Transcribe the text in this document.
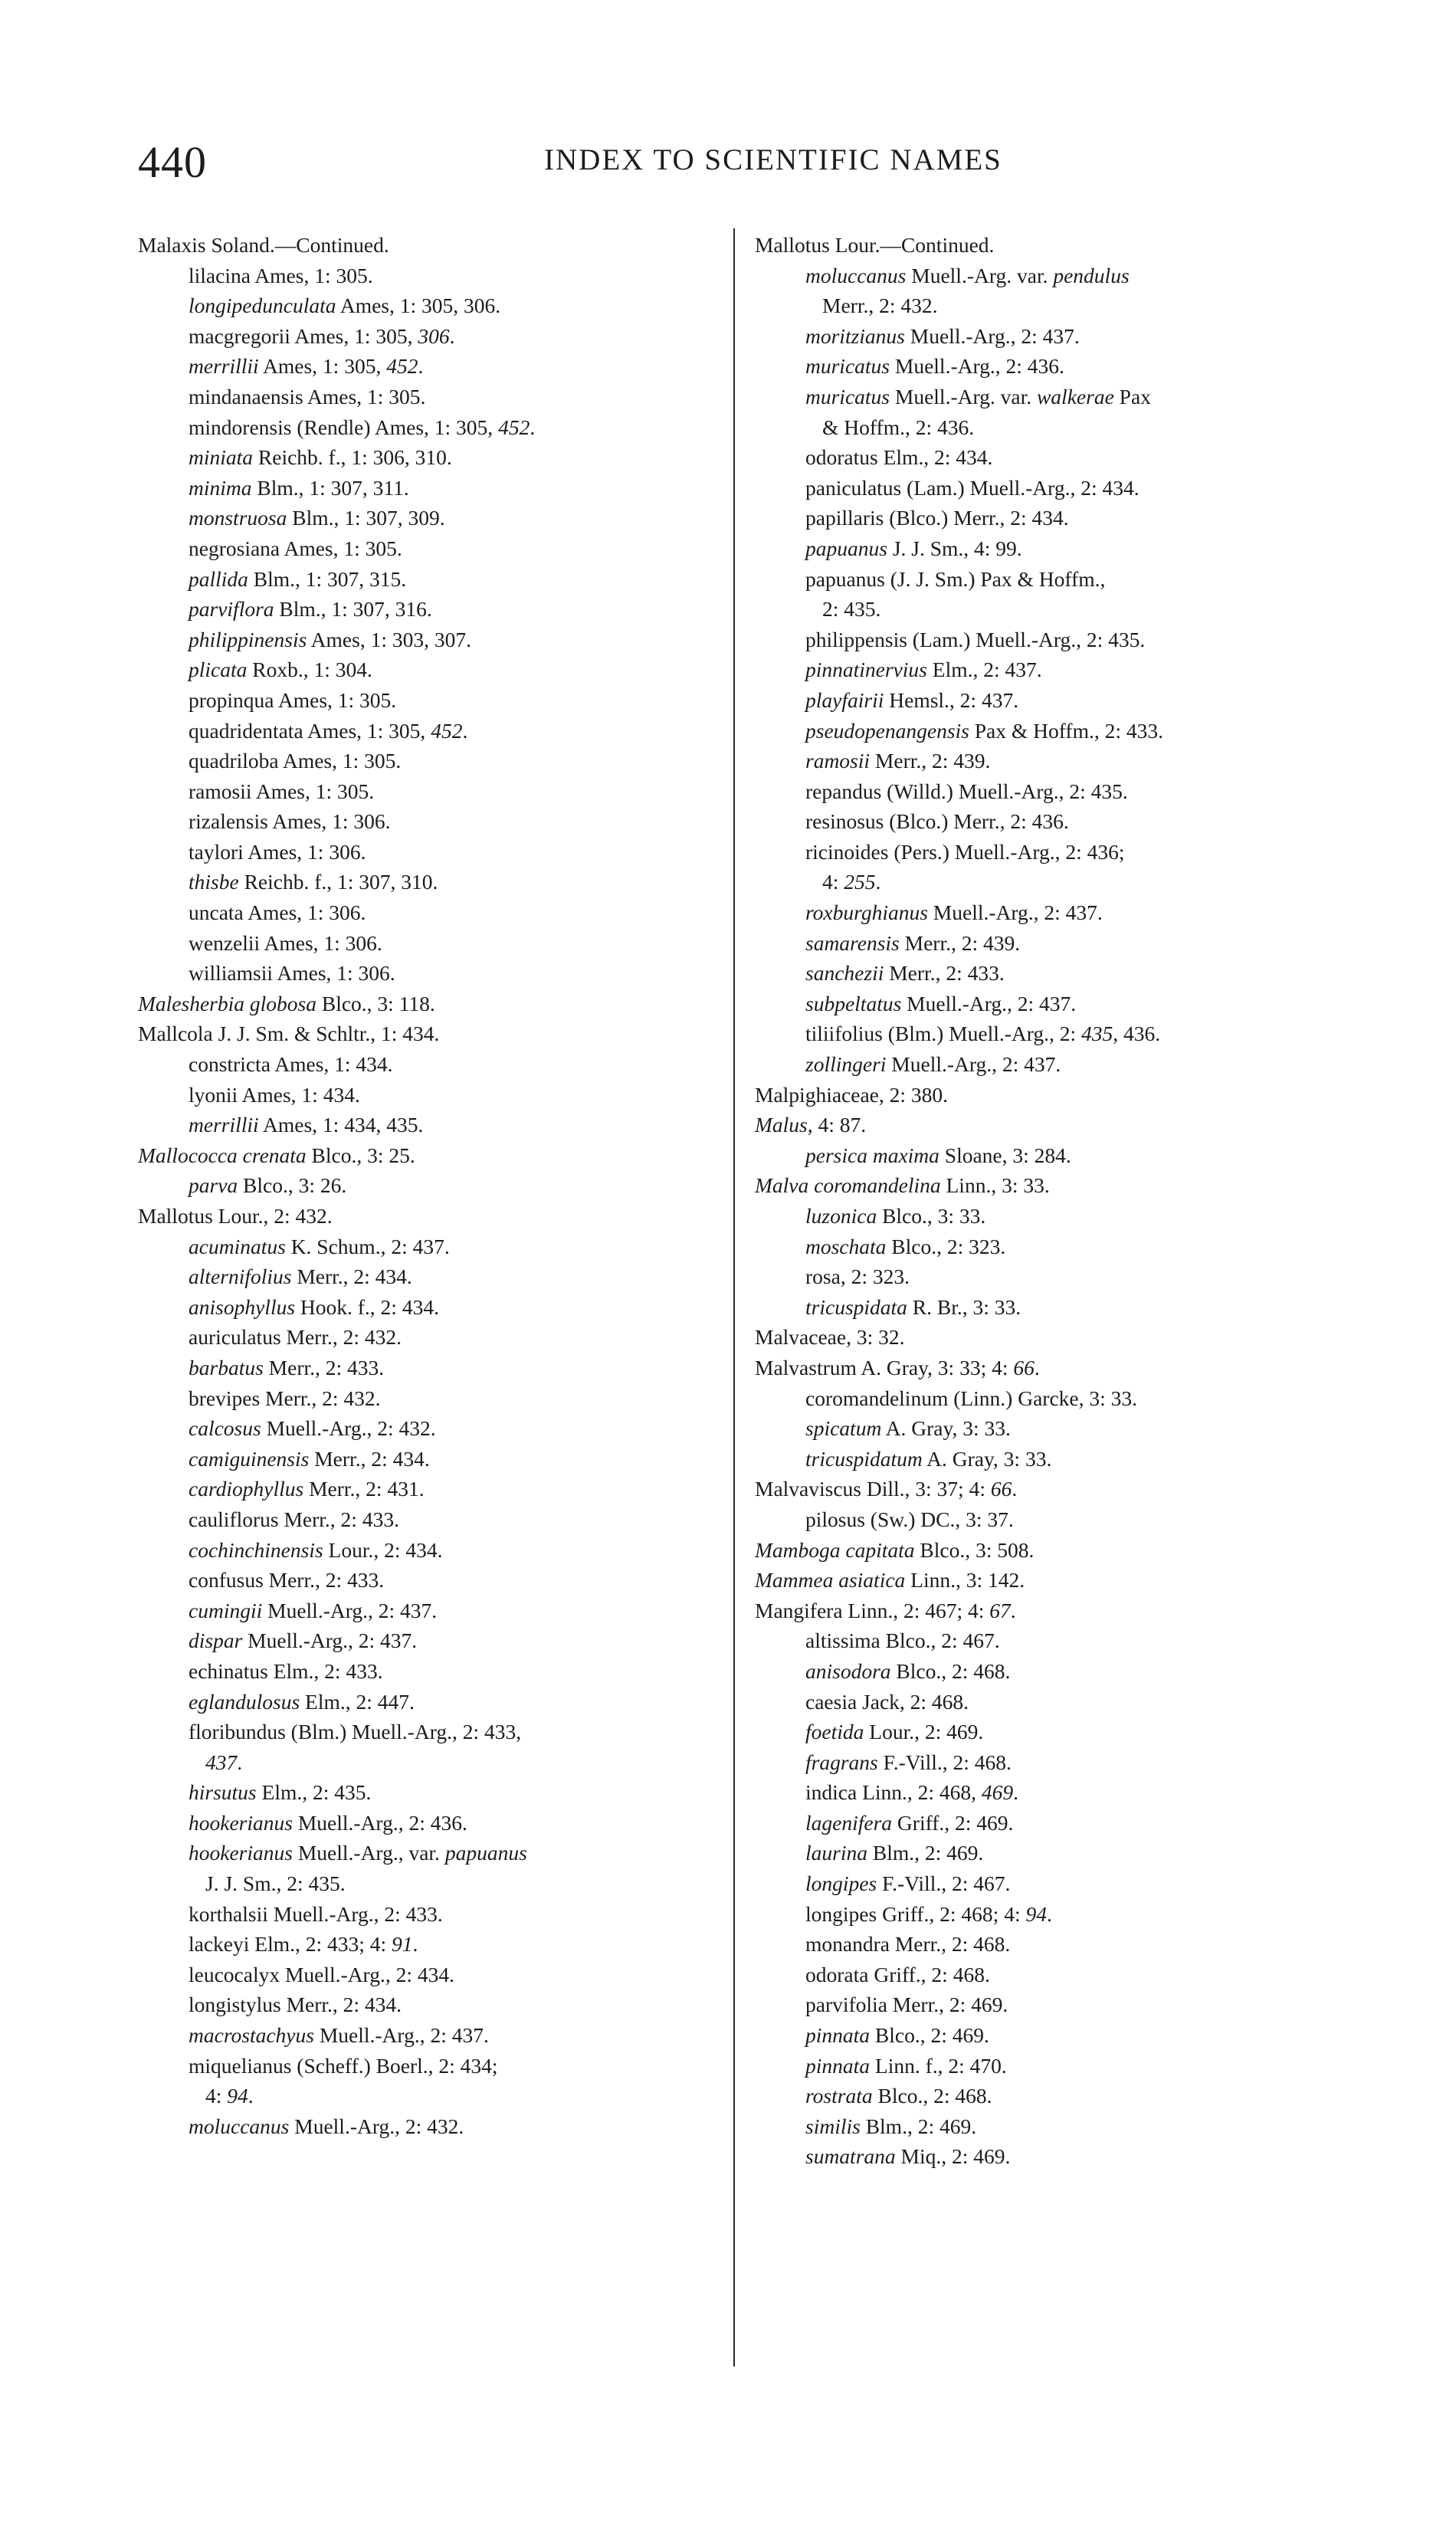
440	INDEX TO SCIENTIFIC NAMES
Malaxis Soland.—Continued.
lilacina Ames, 1: 305.
longipedunculata Ames, 1: 305, 306.
macgregorii Ames, 1: 305, 306.
merrillii Ames, 1: 305, 452.
mindanaensis Ames, 1: 305.
mindorensis (Rendle) Ames, 1: 305, 452.
miniata Reichb. f., 1: 306, 310.
minima Blm., 1: 307, 311.
monstruosa Blm., 1: 307, 309.
negrosiana Ames, 1: 305.
pallida Blm., 1: 307, 315.
parviflora Blm., 1: 307, 316.
philippinensis Ames, 1: 303, 307.
plicata Roxb., 1: 304.
propinqua Ames, 1: 305.
quadridentata Ames, 1: 305, 452.
quadriloba Ames, 1: 305.
ramosii Ames, 1: 305.
rizalensis Ames, 1: 306.
taylori Ames, 1: 306.
thisbe Reichb. f., 1: 307, 310.
uncata Ames, 1: 306.
wenzelii Ames, 1: 306.
williamsii Ames, 1: 306.
Malesherbia globosa Blco., 3: 118.
Mallcola J. J. Sm. & Schltr., 1: 434.
constricta Ames, 1: 434.
lyonii Ames, 1: 434.
merrillii Ames, 1: 434, 435.
Mallococca crenata Blco., 3: 25.
parva Blco., 3: 26.
Mallotus Lour., 2: 432.
acuminatus K. Schum., 2: 437.
alternifolius Merr., 2: 434.
anisophyllus Hook. f., 2: 434.
auriculatus Merr., 2: 432.
barbatus Merr., 2: 433.
brevipes Merr., 2: 432.
calcosus Muell.-Arg., 2: 432.
camiguinensis Merr., 2: 434.
cardiophyllus Merr., 2: 431.
cauliflorus Merr., 2: 433.
cochinchinensis Lour., 2: 434.
confusus Merr., 2: 433.
cumingii Muell.-Arg., 2: 437.
dispar Muell.-Arg., 2: 437.
echinatus Elm., 2: 433.
eglandulosus Elm., 2: 447.
floribundus (Blm.) Muell.-Arg., 2: 433,
437.
hirsutus Elm., 2: 435.
hookerianus Muell.-Arg., 2: 436.
hookerianus Muell.-Arg., var. papuanus
J. J. Sm., 2: 435.
korthalsii Muell.-Arg., 2: 433.
lackeyi Elm., 2: 433; 4: 91.
leucocalyx Muell.-Arg., 2: 434.
longistylus Merr., 2: 434.
macrostachyus Muell.-Arg., 2: 437.
miquelianus (Scheff.) Boerl., 2: 434;
4: 94.
moluccanus Muell.-Arg., 2: 432.
Mallotus Lour.—Continued.
moluccanus Muell.-Arg. var. pendulus
Merr., 2: 432.
moritzianus Muell.-Arg., 2: 437.
muricatus Muell.-Arg., 2: 436.
muricatus Muell.-Arg. var. walkerae Pax
& Hoffm., 2: 436.
odoratus Elm., 2: 434.
paniculatus (Lam.) Muell.-Arg., 2: 434.
papillaris (Blco.) Merr., 2: 434.
papuanus J. J. Sm., 4: 99.
papuanus (J. J. Sm.) Pax & Hoffm.,
2: 435.
philippensis (Lam.) Muell.-Arg., 2: 435.
pinnatinervius Elm., 2: 437.
playfairii Hemsl., 2: 437.
pseudopenangensis Pax & Hoffm., 2: 433.
ramosii Merr., 2: 439.
repandus (Willd.) Muell.-Arg., 2: 435.
resinosus (Blco.) Merr., 2: 436.
ricinoides (Pers.) Muell.-Arg., 2: 436;
4: 255.
roxburghianus Muell.-Arg., 2: 437.
samarensis Merr., 2: 439.
sanchezii Merr., 2: 433.
subpeltatus Muell.-Arg., 2: 437.
tiliifolius (Blm.) Muell.-Arg., 2: 435, 436.
zollingeri Muell.-Arg., 2: 437.
Malpighiaceae, 2: 380.
Malus, 4: 87.
persica maxima Sloane, 3: 284.
Malva coromandelina Linn., 3: 33.
luzonica Blco., 3: 33.
moschata Blco., 2: 323.
rosa, 2: 323.
tricuspidata R. Br., 3: 33.
Malvaceae, 3: 32.
Malvastrum A. Gray, 3: 33; 4: 66.
coromandelinum (Linn.) Garcke, 3: 33.
spicatum A. Gray, 3: 33.
tricuspidatum A. Gray, 3: 33.
Malvaviscus Dill., 3: 37; 4: 66.
pilosus (Sw.) DC., 3: 37.
Mamboga capitata Blco., 3: 508.
Mammea asiatica Linn., 3: 142.
Mangifera Linn., 2: 467; 4: 67.
altissima Blco., 2: 467.
anisodora Blco., 2: 468.
caesia Jack, 2: 468.
foetida Lour., 2: 469.
fragrans F.-Vill., 2: 468.
indica Linn., 2: 468, 469.
lagenifera Griff., 2: 469.
laurina Blm., 2: 469.
longipes F.-Vill., 2: 467.
longipes Griff., 2: 468; 4: 94.
monandra Merr., 2: 468.
odorata Griff., 2: 468.
parvifolia Merr., 2: 469.
pinnata Blco., 2: 469.
pinnata Linn. f., 2: 470.
rostrata Blco., 2: 468.
similis Blm., 2: 469.
sumatrana Miq., 2: 469.
